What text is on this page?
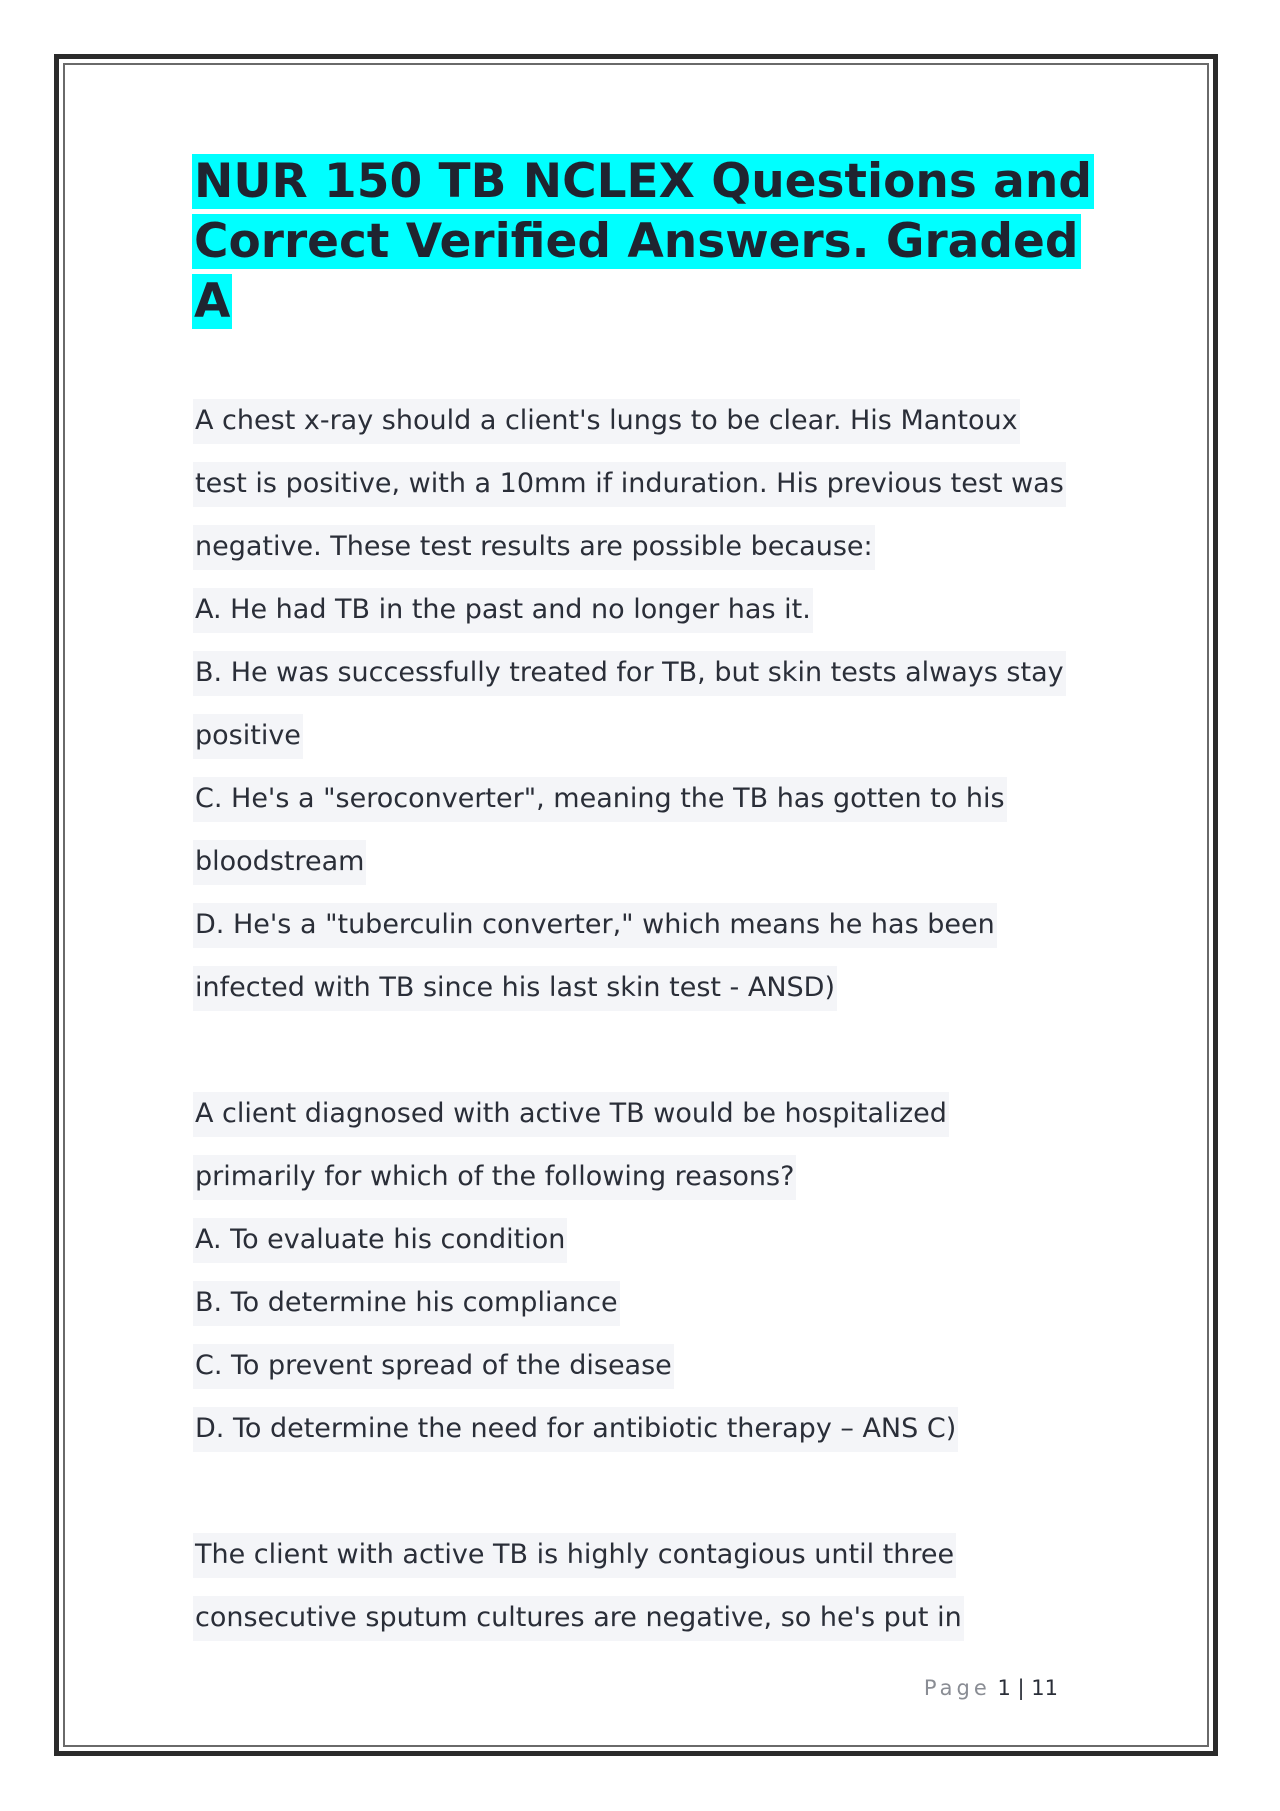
NUR 150 TB NCLEX Questions and Correct Verified Answers. Graded A
A chest x-ray should a client's lungs to be clear. His Mantoux
test is positive, with a 10mm if induration. His previous test was
negative. These test results are possible because:
A. He had TB in the past and no longer has it.
B. He was successfully treated for TB, but skin tests always stay
positive
C. He's a "seroconverter", meaning the TB has gotten to his
bloodstream
D. He's a "tuberculin converter," which means he has been
infected with TB since his last skin test - ANSD)
A client diagnosed with active TB would be hospitalized
primarily for which of the following reasons?
A. To evaluate his condition
B. To determine his compliance
C. To prevent spread of the disease
D. To determine the need for antibiotic therapy – ANS C)
The client with active TB is highly contagious until three
consecutive sputum cultures are negative, so he's put in
Page 1 | 11
